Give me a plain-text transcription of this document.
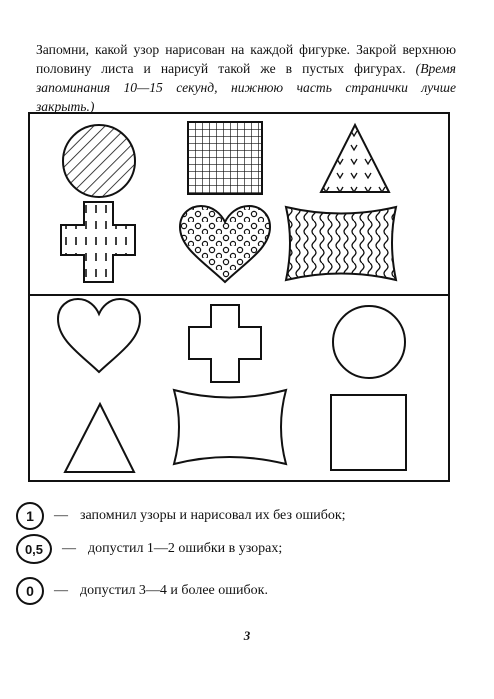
Запомни, какой узор нарисован на каждой фигурке. Закрой верхнюю половину листа и нарисуй такой же в пустых фигурах. (Время запоминания 10—15 секунд, нижнюю часть странички лучше закрыть.)
1	— запомнил узоры и нарисовал их без ошибок;
0,5	— допустил 1—2 ошибки в узорах;
0	— допустил 3—4 и более ошибок.
3
